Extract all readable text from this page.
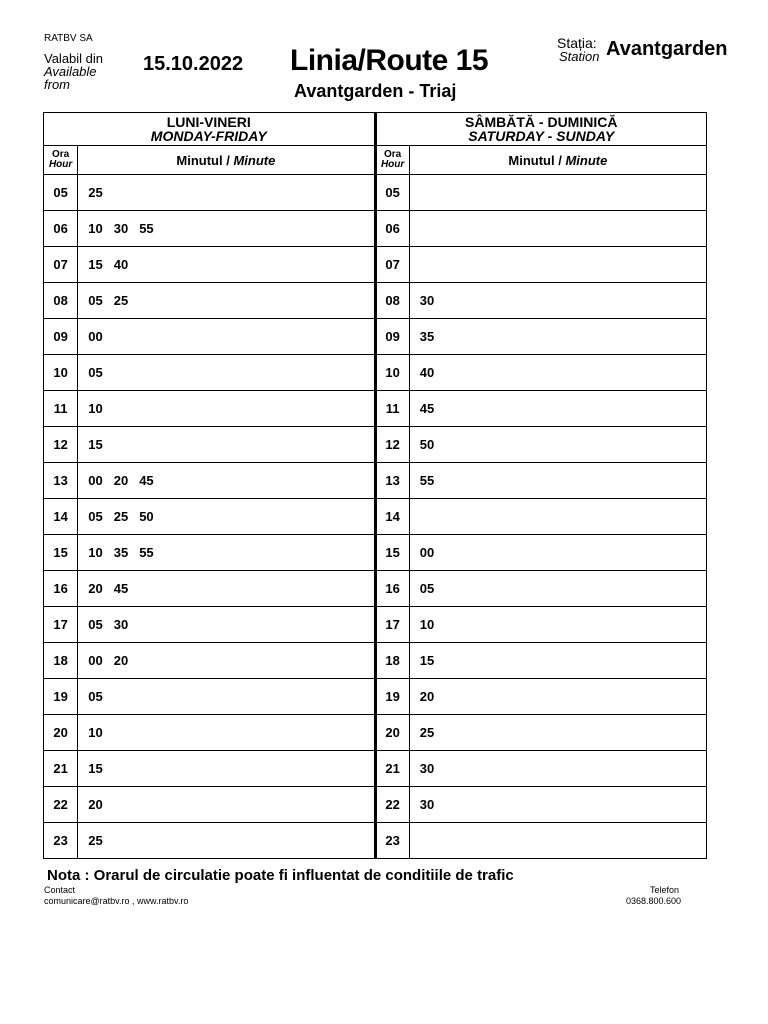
RATBV SA
Valabil din
Available
from
15.10.2022 Linia/Route 15
Avantgarden - Triaj
Stația:
Station Avantgarden
LUNI-VINERI
MONDAY-FRIDAY		SÂMBĂTĂ - DUMINICĂ
SATURDAY - SUNDAY	

Ora
Hour	Minutul / Minute	Ora
Hour	Minutul / Minute
05	25	05	
06	10 30 55	06	
07	15 40	07	
08	05 25	08	30
09	00	09	35
10	05	10	40
11	10	11	45
12	15	12	50
13	00 20 45	13	55
14	05 25 50	14	
15	10 35 55	15	00
16	20 45	16	05
17	05 30	17	10
18	00 20	18	15
19	05	19	20
20	10	20	25
21	15	21	30
22	20	22	30
23	25	23	
Nota : Orarul de circulatie poate fi influentat de conditiile de trafic
Contact
comunicare@ratbv.ro , www.ratbv.ro
Telefon
0368.800.600
